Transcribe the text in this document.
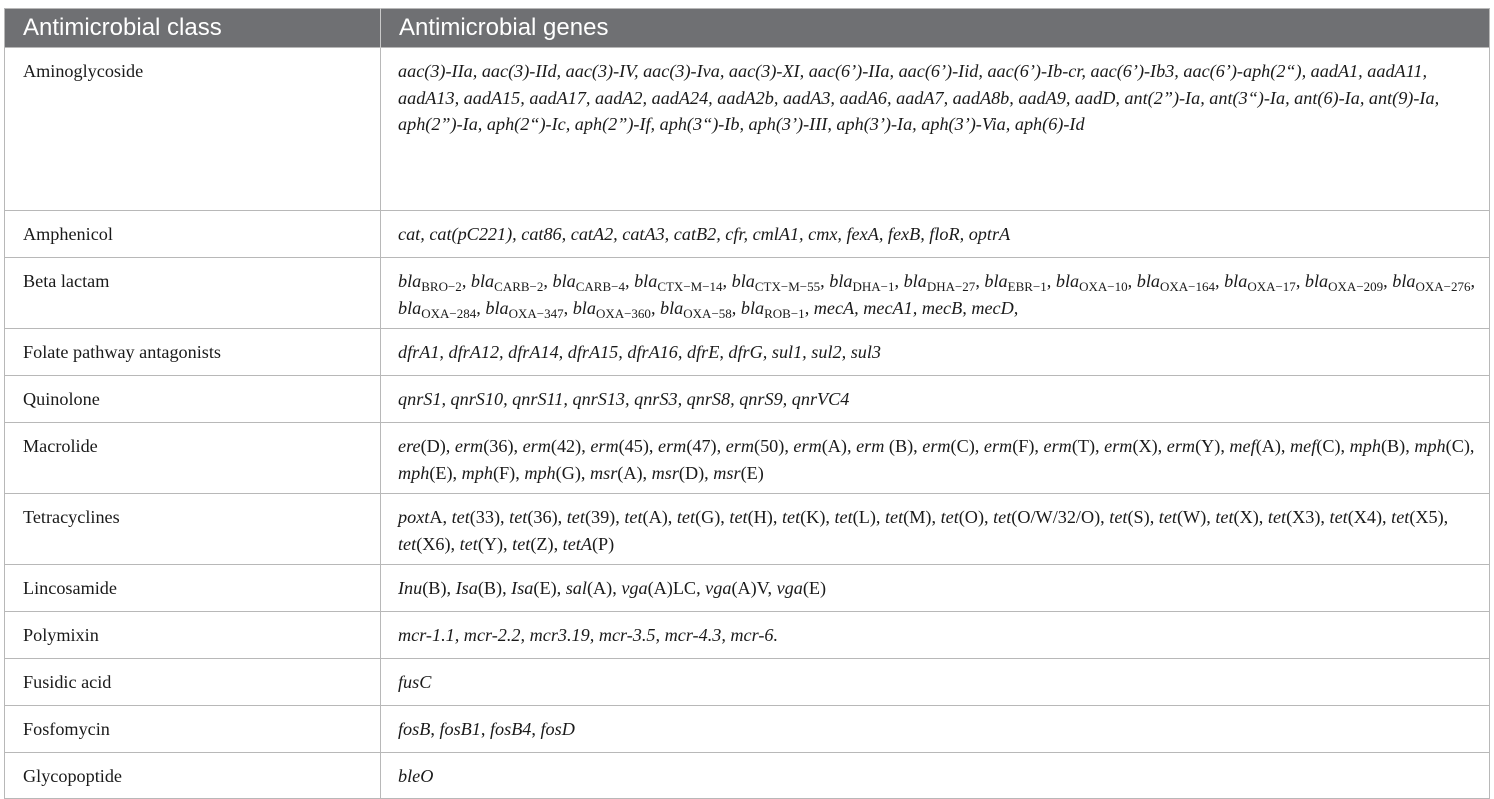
Antimicrobial class	Antimicrobial genes
Aminoglycoside	aac(3)-IIa, aac(3)-IId, aac(3)-IV, aac(3)-Iva, aac(3)-XI, aac(6’)-IIa, aac(6’)-Iid, aac(6’)-Ib-cr, aac(6’)-Ib3, aac(6’)-aph(2“), aadA1, aadA11, aadA13, aadA15, aadA17, aadA2, aadA24, aadA2b, aadA3, aadA6, aadA7, aadA8b, aadA9, aadD, ant(2”)-Ia, ant(3“)-Ia, ant(6)-Ia, ant(9)-Ia, aph(2”)-Ia, aph(2“)-Ic, aph(2”)-If, aph(3“)-Ib, aph(3’)-III, aph(3’)-Ia, aph(3’)-Via, aph(6)-Id
Amphenicol	cat, cat(pC221), cat86, catA2, catA3, catB2, cfr, cmlA1, cmx, fexA, fexB, floR, optrA
Beta lactam	bla$_{BRO-2}$, bla$_{CARB-2}$, bla$_{CARB-4}$, bla$_{CTX-M-14}$, bla$_{CTX-M-55}$, bla$_{DHA-1}$, bla$_{DHA-27}$, bla$_{EBR-1}$, bla$_{OXA-10}$, bla$_{OXA-164}$, bla$_{OXA-17}$, bla$_{OXA-209}$, bla$_{OXA-276}$, bla$_{OXA-284}$, bla$_{OXA-347}$, bla$_{OXA-360}$, bla$_{OXA-58}$, bla$_{ROB-1}$, mecA, mecA1, mecB, mecD,
Folate pathway antagonists	dfrA1, dfrA12, dfrA14, dfrA15, dfrA16, dfrE, dfrG, sul1, sul2, sul3
Quinolone	qnrS1, qnrS10, qnrS11, qnrS13, qnrS3, qnrS8, qnrS9, qnrVC4
Macrolide	ere(D), erm(36), erm(42), erm(45), erm(47), erm(50), erm(A), erm (B), erm(C), erm(F), erm(T), erm(X), erm(Y), mef(A), mef(C), mph(B), mph(C), mph(E), mph(F), mph(G), msr(A), msr(D), msr(E)
Tetracyclines	poxtA, tet(33), tet(36), tet(39), tet(A), tet(G), tet(H), tet(K), tet(L), tet(M), tet(O), tet(O/W/32/O), tet(S), tet(W), tet(X), tet(X3), tet(X4), tet(X5), tet(X6), tet(Y), tet(Z), tetA(P)
Lincosamide	Inu(B), Isa(B), Isa(E), sal(A), vga(A)LC, vga(A)V, vga(E)
Polymixin	mcr-1.1, mcr-2.2, mcr3.19, mcr-3.5, mcr-4.3, mcr-6.
Fusidic acid	fusC
Fosfomycin	fosB, fosB1, fosB4, fosD
Glycopoptide	bleO
